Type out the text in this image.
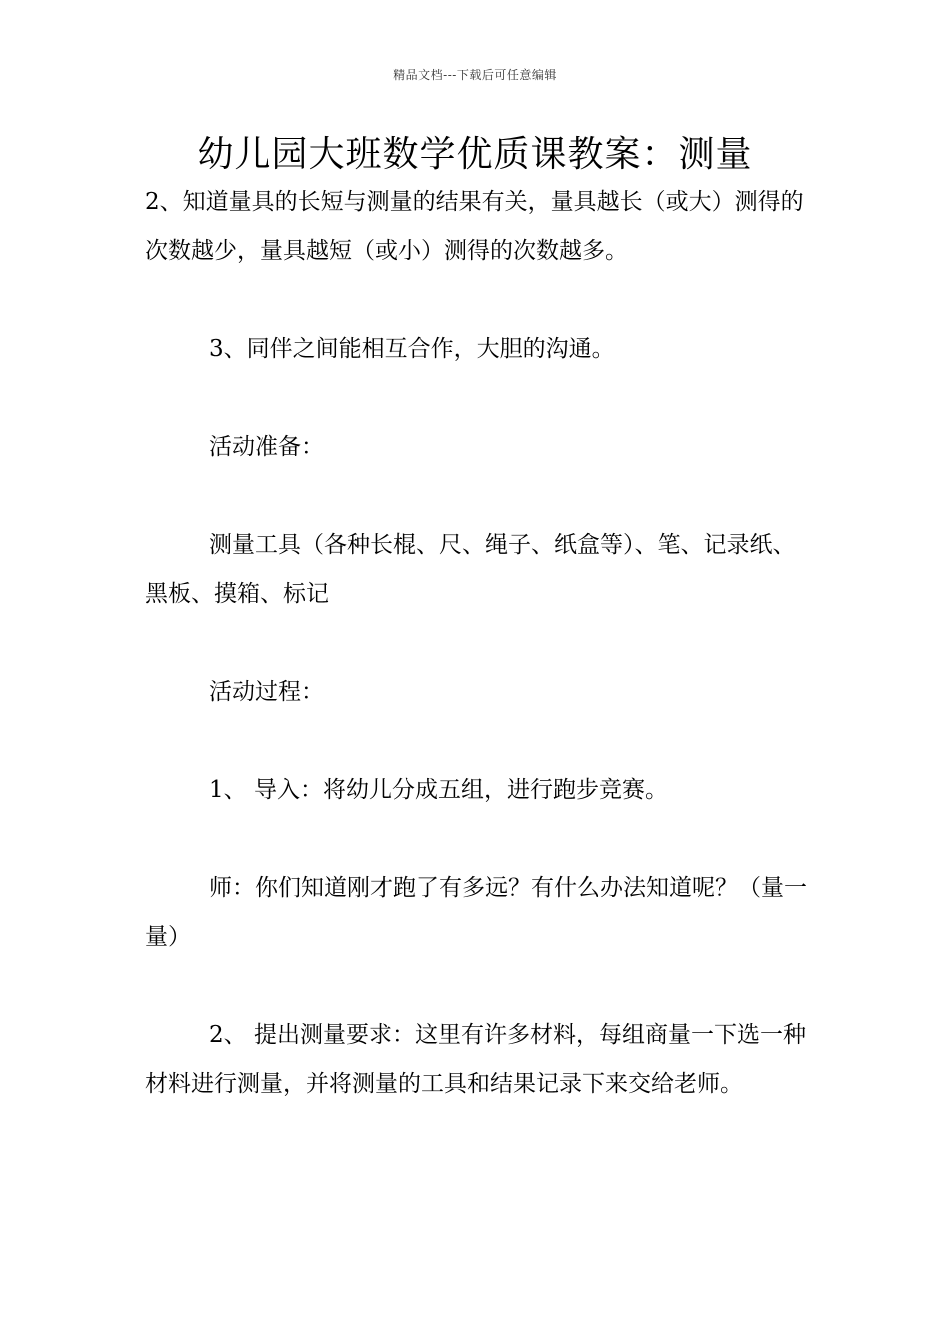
精品文档---下载后可任意编辑
幼儿园大班数学优质课教案：测量

2、知道量具的长短与测量的结果有关，量具越长（或大）测得的次数越少，量具越短（或小）测得的次数越多。

3、同伴之间能相互合作，大胆的沟通。

活动准备：

测量工具（各种长棍、尺、绳子、纸盒等）、笔、记录纸、黑板、摸箱、标记

活动过程：

1、 导入：将幼儿分成五组，进行跑步竞赛。

师：你们知道刚才跑了有多远？有什么办法知道呢？（量一量）

2、 提出测量要求：这里有许多材料，每组商量一下选一种材料进行测量，并将测量的工具和结果记录下来交给老师。
